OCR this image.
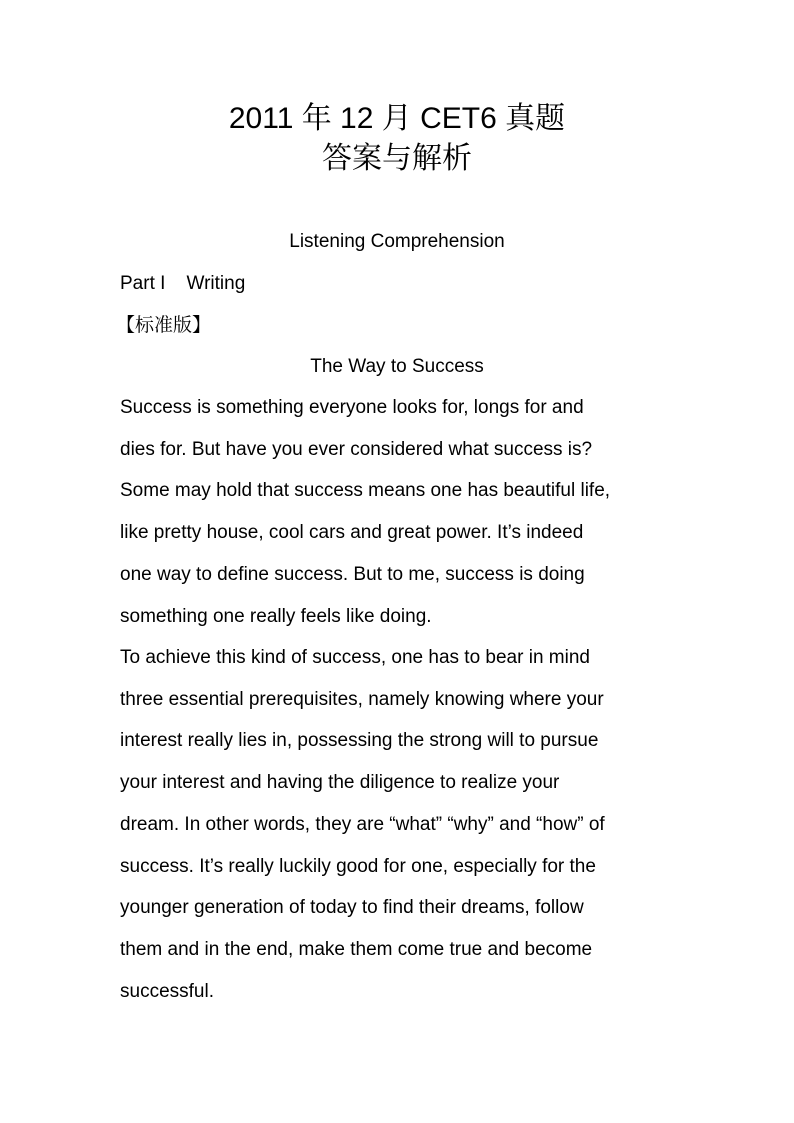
2011 年 12 月 CET6 真题
答案与解析
Listening Comprehension
Part I    Writing
【标准版】
The Way to Success

Success is something everyone looks for, longs for and

dies for. But have you ever considered what success is?

Some may hold that success means one has beautiful life,

like pretty house, cool cars and great power. It’s indeed

one way to define success. But to me, success is doing

something one really feels like doing.

To achieve this kind of success, one has to bear in mind

three essential prerequisites, namely knowing where your

interest really lies in, possessing the strong will to pursue

your interest and having the diligence to realize your

dream. In other words, they are “what” “why” and “how” of

success. It’s really luckily good for one, especially for the

younger generation of today to find their dreams, follow

them and in the end, make them come true and become

successful.
